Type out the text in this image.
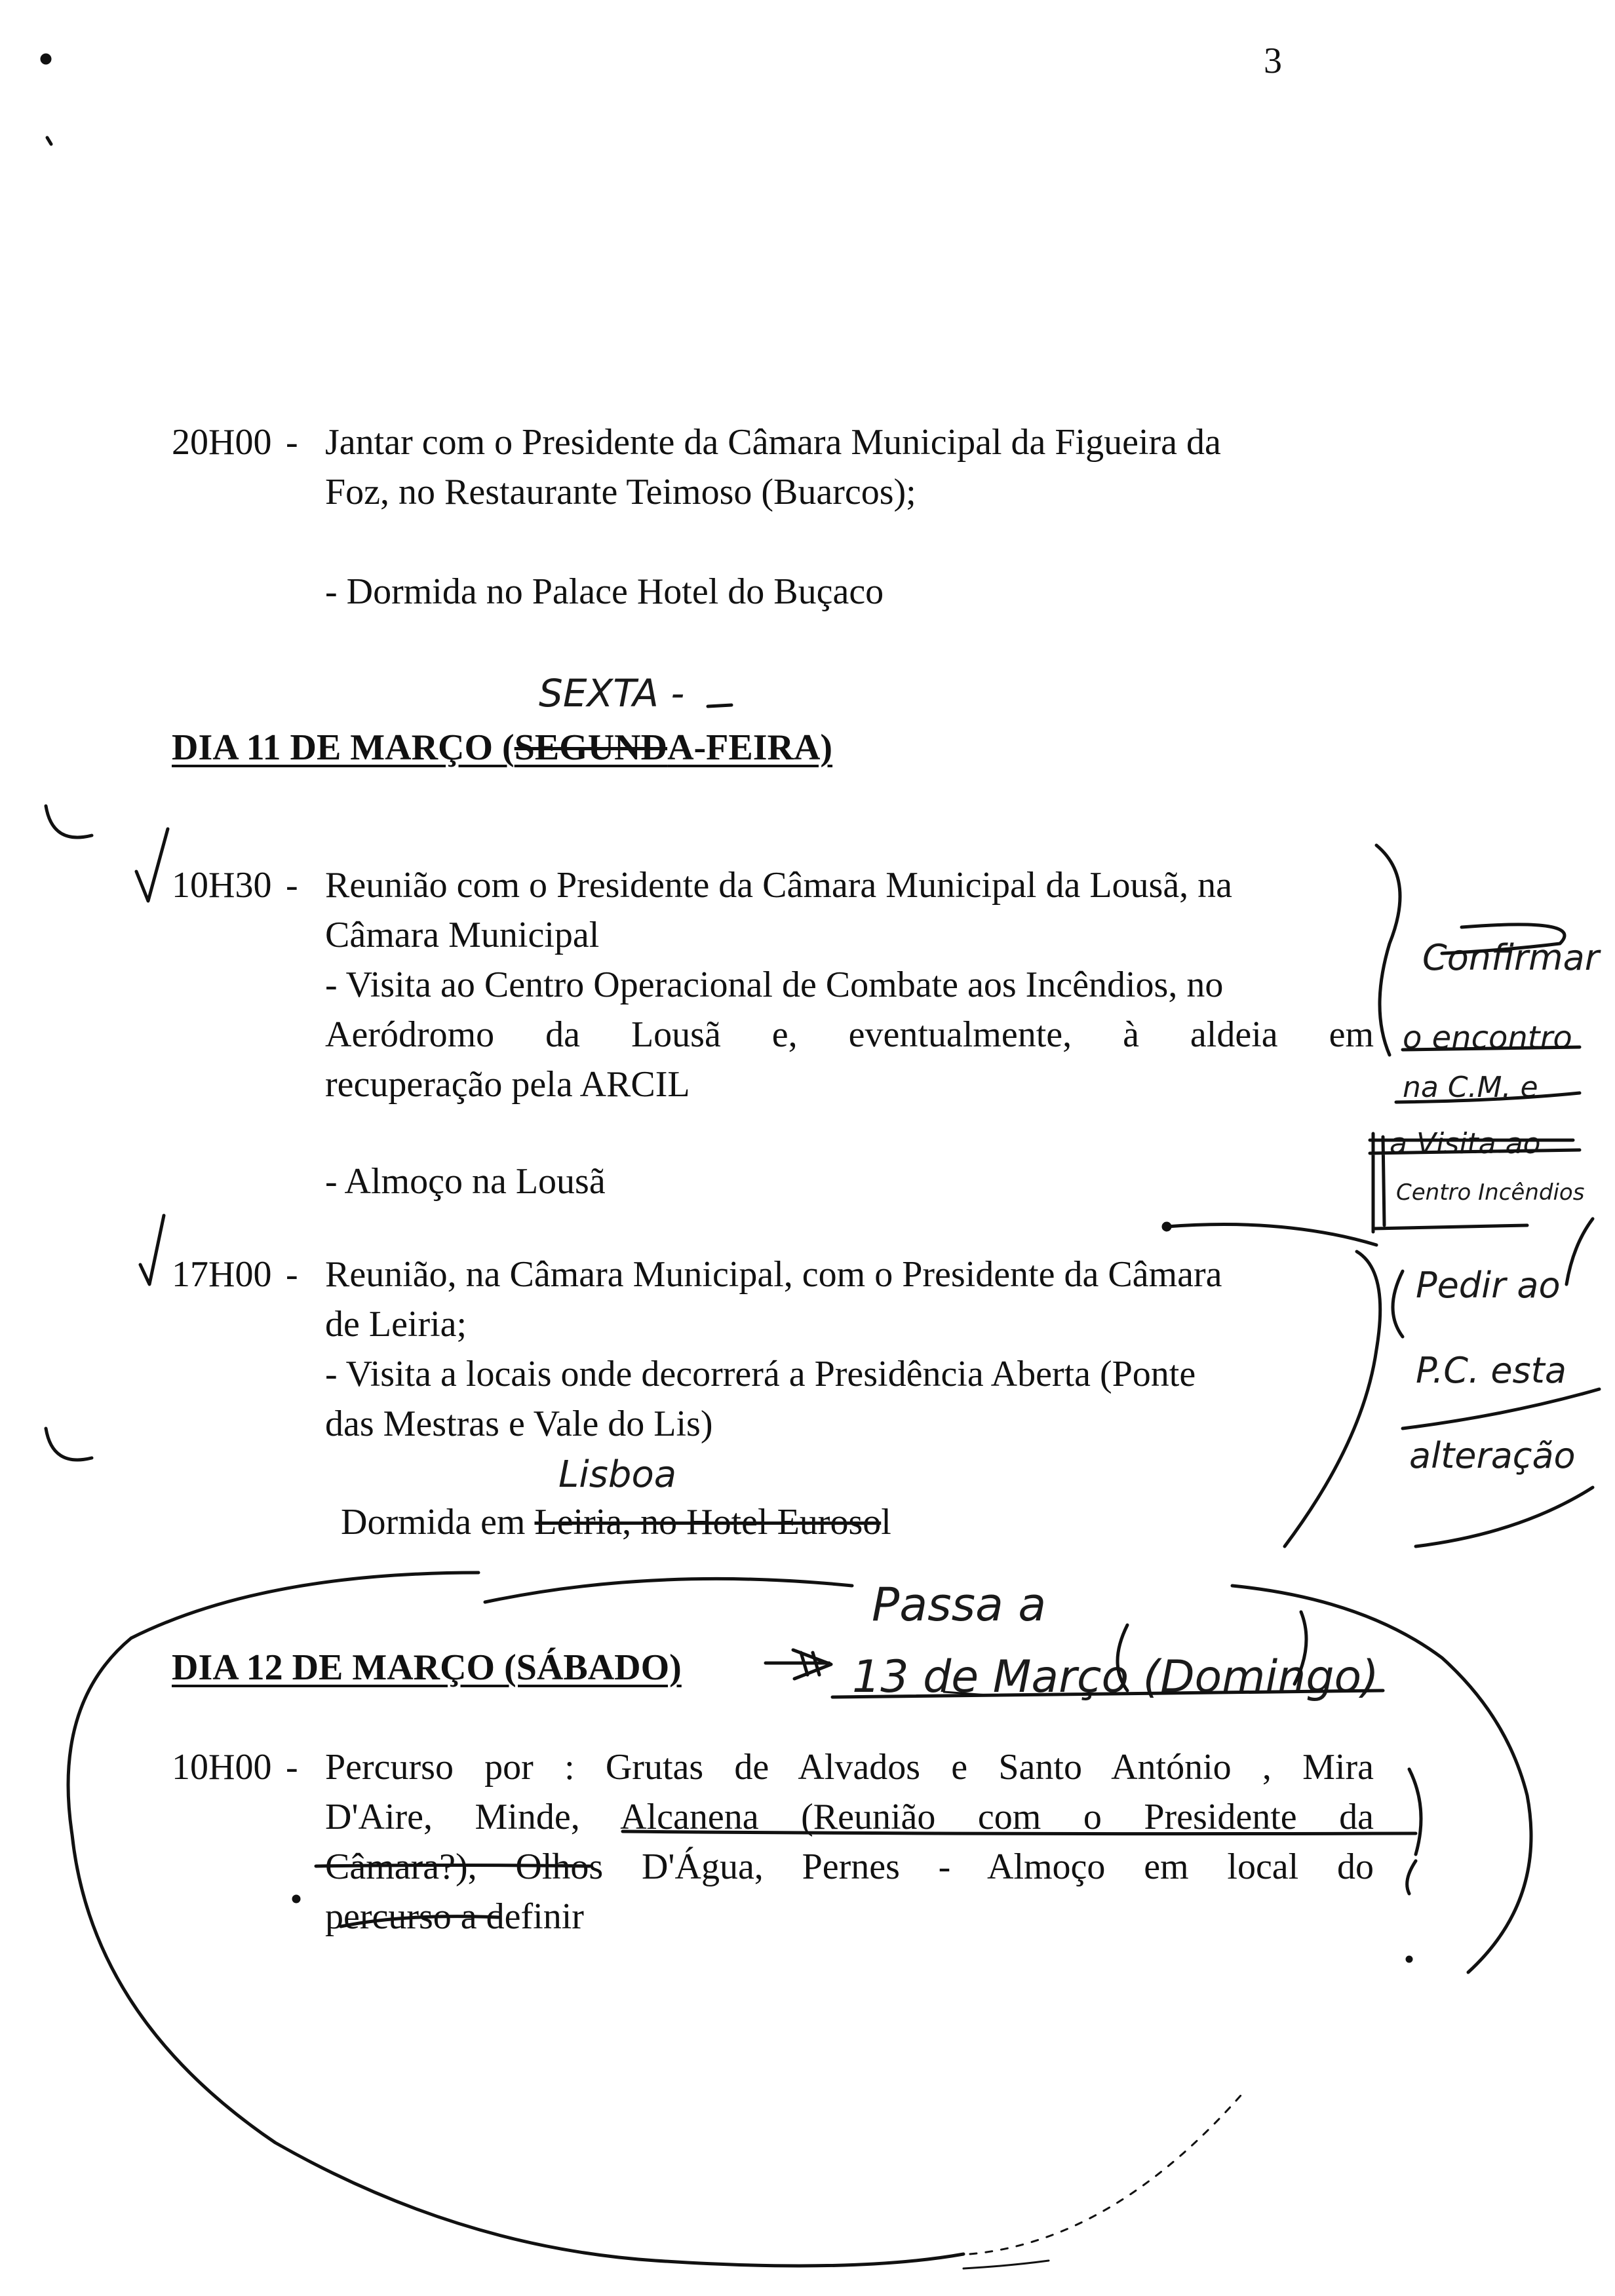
3
20H00 - Jantar com o Presidente da Câmara Municipal da Figueira da
Foz, no Restaurante Teimoso (Buarcos);
- Dormida no Palace Hotel do Buçaco
SEXTA -
DIA 11 DE MARÇO (SEGUNDA-FEIRA)
10H30 - Reunião com o Presidente da Câmara Municipal da Lousã, na
Câmara Municipal
- Visita ao Centro Operacional de Combate aos Incêndios, no
Aeródromo da Lousã e, eventualmente, à aldeia em
recuperação pela ARCIL
- Almoço na Lousã
17H00 - Reunião, na Câmara Municipal, com o Presidente da Câmara
de Leiria;
- Visita a locais onde decorrerá a Presidência Aberta (Ponte
das Mestras e Vale do Lis)
Lisboa
Dormida em Leiria, no Hotel Eurosol
DIA 12 DE MARÇO (SÁBADO)
Passa a
13 de Março (Domingo)
10H00 - Percurso por : Grutas de Alvados e Santo António , Mira
D'Aire, Minde, Alcanena (Reunião com o Presidente da
Câmara?), Olhos D'Água, Pernes - Almoço em local do
percurso a definir
Confirmar
o encontro
na C.M. e
a Visita ao
Centro Incêndios
Pedir ao
P.C. esta
alteração
